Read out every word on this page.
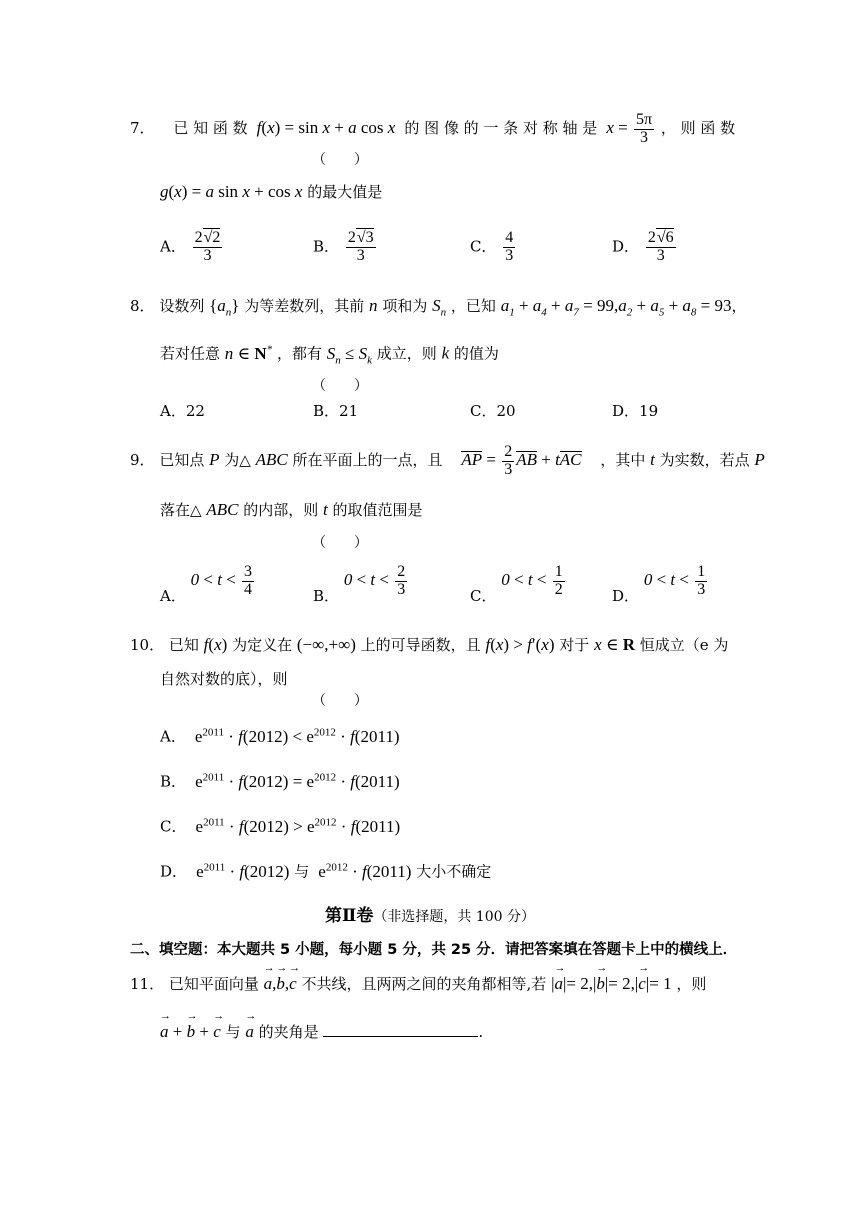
7． 已 知 函 数  f(x) = sin x + a cos x  的 图 像 的 一 条 对 称 轴 是  $x = \frac{5\pi}{3}$ ， 则 函 数
（　　）
g(x) = a sin x + cos x 的最大值是
A． $\frac{2√2}{3}$	B． $\frac{2√3}{3}$	C． $\frac{4}{3}$	D． $\frac{2√6}{3}$
8． 设数列 $\{a_n\}$ 为等差数列，其前 n 项和为 $S_n$ ，已知 $a_1 + a_4 + a_7 = 99,a_2 + a_5 + a_8 = 93$，
若对任意 n ∈ N* ，都有 $S_n \le S_k$ 成立，则 k 的值为
（　　）
A．22	B．21	C．20	D．19
9． 已知点 P 为△ ABC 所在平面上的一点，且 AP = $\frac{2}{3}$ AB + tAC ，其中 t 为实数，若点 P
落在△ ABC 的内部，则 t 的取值范围是
（　　）
A． $0 < t < \frac{3}{4}$	B． $0 < t < \frac{2}{3}$	C． $0 < t < \frac{1}{2}$	D． $0 < t < \frac{1}{3}$
10． 已知 f(x) 为定义在 (−∞,+∞) 上的可导函数，且 f(x) > f′(x) 对于 x ∈ R 恒成立（e 为
自然对数的底），则
（　　）
A．  $e^{2011} \cdot f(2012) < e^{2012} \cdot f(2011)$
B．  $e^{2011} \cdot f(2012) = e^{2012} \cdot f(2011)$
C．  $e^{2011} \cdot f(2012) > e^{2012} \cdot f(2011)$
D．  $e^{2011} \cdot f(2012)$ 与  $e^{2012} \cdot f(2011)$ 大小不确定
第Ⅱ卷（非选择题，共 100 分）
二、填空题：本大题共 5 小题，每小题 5 分，共 25 分．请把答案填在答题卡上中的横线上．
11． 已知平面向量 → a,→ b,→ c 不共线，且两两之间的夹角都相等,若 |→ a|= 2,|→ b|= 2,|→ c|= 1 ，则
→ a + → b + → c 与 → a 的夹角是	.
